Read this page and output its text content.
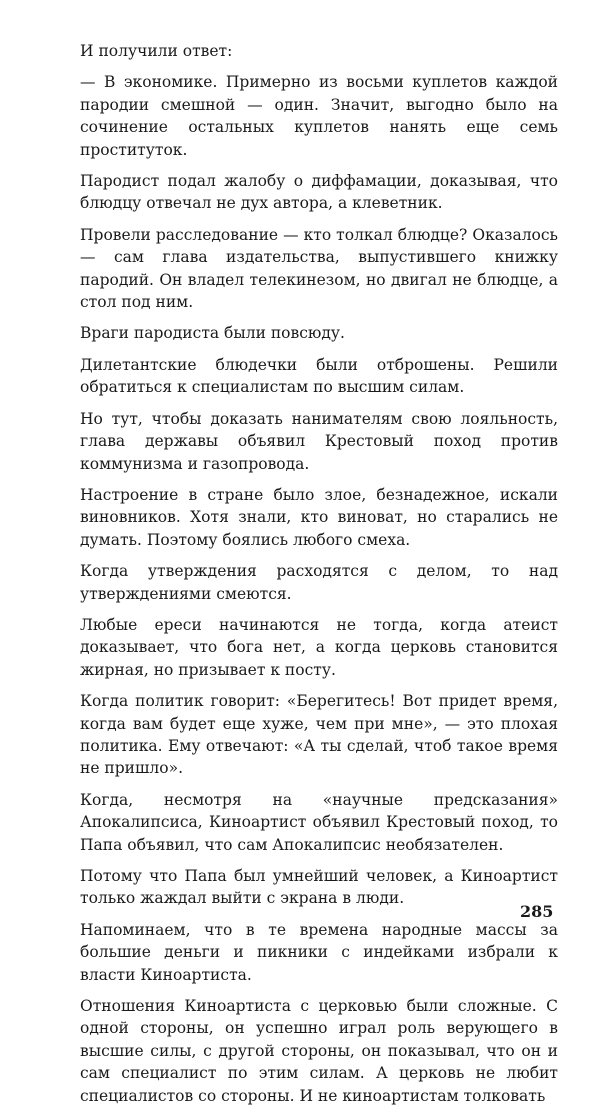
И получили ответ:

— В экономике. Примерно из восьми куплетов каждой пародии смешной — один. Значит, выгодно было на сочинение остальных куплетов нанять еще семь проституток.

Пародист подал жалобу о диффамации, доказывая, что блюдцу отвечал не дух автора, а клеветник.

Провели расследование — кто толкал блюдце? Оказалось — сам глава издательства, выпустившего книжку пародий. Он владел телекинезом, но двигал не блюдце, а стол под ним.

Враги пародиста были повсюду.

Дилетантские блюдечки были отброшены. Решили обратиться к специалистам по высшим силам.

Но тут, чтобы доказать нанимателям свою лояльность, глава державы объявил Крестовый поход против коммунизма и газопровода.

Настроение в стране было злое, безнадежное, искали виновников. Хотя знали, кто виноват, но старались не думать. Поэтому боялись любого смеха.

Когда утверждения расходятся с делом, то над утверждениями смеются.

Любые ереси начинаются не тогда, когда атеист доказывает, что бога нет, а когда церковь становится жирная, но призывает к посту.

Когда политик говорит: «Берегитесь! Вот придет время, когда вам будет еще хуже, чем при мне», — это плохая политика. Ему отвечают: «А ты сделай, чтоб такое время не пришло».

Когда, несмотря на «научные предсказания» Апокалипсиса, Киноартист объявил Крестовый поход, то Папа объявил, что сам Апокалипсис необязателен.

Потому что Папа был умнейший человек, а Киноартист только жаждал выйти с экрана в люди.

Напоминаем, что в те времена народные массы за большие деньги и пикники с индейками избрали к власти Киноартиста.

Отношения Киноартиста с церковью были сложные. С одной стороны, он успешно играл роль верующего в высшие силы, с другой стороны, он показывал, что он и сам специалист по этим силам. А церковь не любит специалистов со стороны. И не киноартистам толковать

285
